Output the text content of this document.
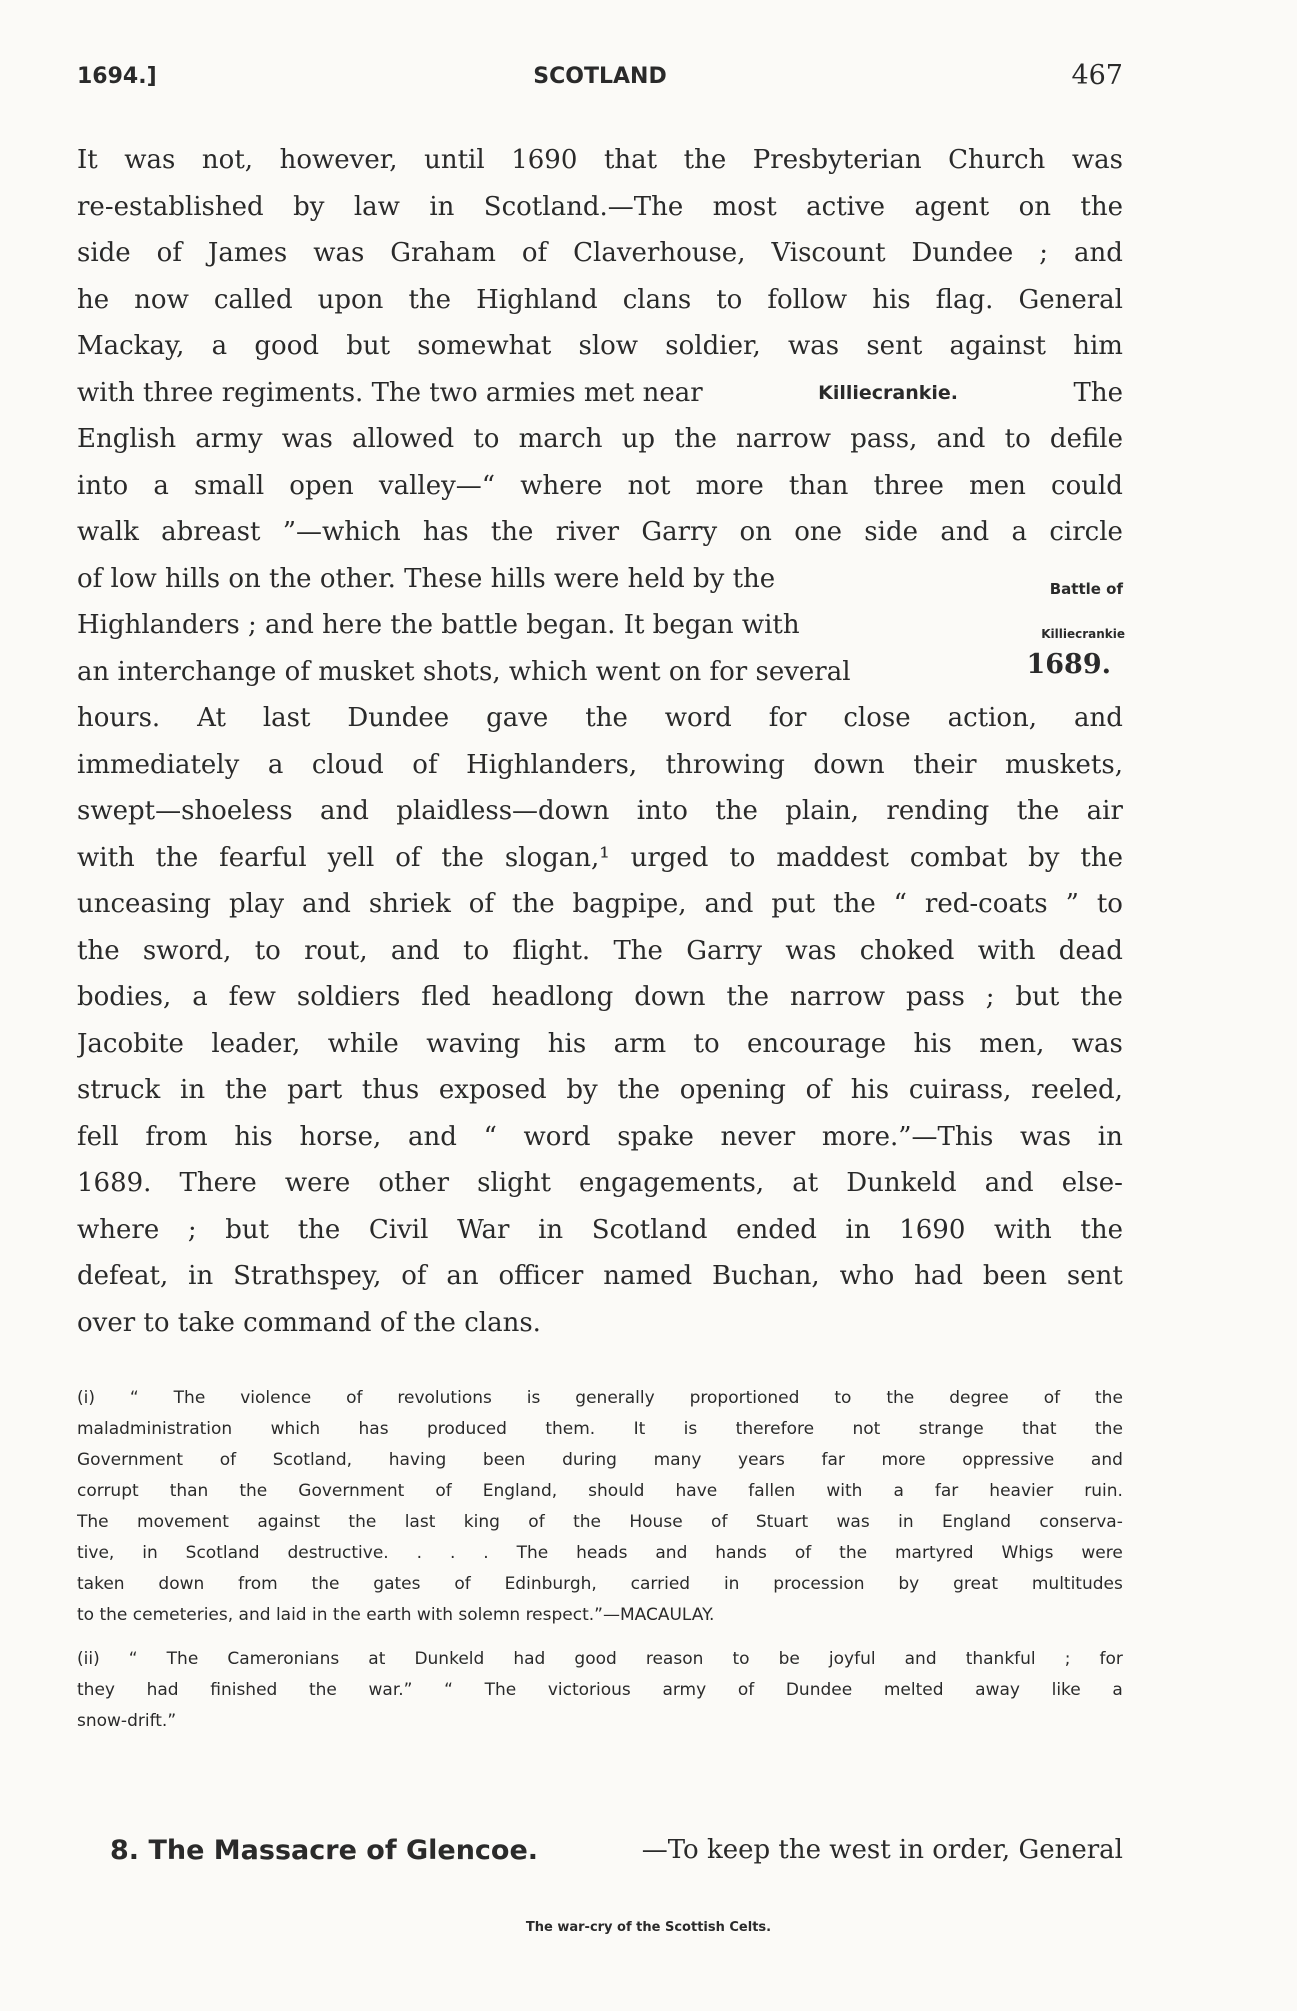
1694.]	SCOTLAND	467
It was not, however, until 1690 that the Presbyterian Church was
re-established by law in Scotland.—The most active agent on the
side of James was Graham of Claverhouse, Viscount Dundee ; and
he now called upon the Highland clans to follow his flag. General
Mackay, a good but somewhat slow soldier, was sent against him
with three regiments. The two armies met near	Killiecrankie.	The
English army was allowed to march up the narrow pass, and to defile
into a small open valley—“ where not more than three men could
walk abreast ”—which has the river Garry on one side and a circle
of low hills on the other. These hills were held by the
Highlanders ; and here the battle began. It began with
an interchange of musket shots, which went on for several
hours. At last Dundee gave the word for close action, and
immediately a cloud of Highlanders, throwing down their muskets,
swept—shoeless and plaidless—down into the plain, rending the air
with the fearful yell of the slogan,¹ urged to maddest combat by the
unceasing play and shriek of the bagpipe, and put the “ red-coats ” to
the sword, to rout, and to flight. The Garry was choked with dead
bodies, a few soldiers fled headlong down the narrow pass ; but the
Jacobite leader, while waving his arm to encourage his men, was
struck in the part thus exposed by the opening of his cuirass, reeled,
fell from his horse, and “ word spake never more.”—This was in
1689. There were other slight engagements, at Dunkeld and else-
where ; but the Civil War in Scotland ended in 1690 with the
defeat, in Strathspey, of an officer named Buchan, who had been sent
over to take command of the clans.
Battle of
Killiecrankie
1689.
(i) “ The violence of revolutions is generally proportioned to the degree of the
maladministration which has produced them. It is therefore not strange that the
Government of Scotland, having been during many years far more oppressive and
corrupt than the Government of England, should have fallen with a far heavier ruin.
The movement against the last king of the House of Stuart was in England conserva-
tive, in Scotland destructive. . . . The heads and hands of the martyred Whigs were
taken down from the gates of Edinburgh, carried in procession by great multitudes
to the cemeteries, and laid in the earth with solemn respect.”—MACAULAY.
(ii) “ The Cameronians at Dunkeld had good reason to be joyful and thankful ; for
they had finished the war.” “ The victorious army of Dundee melted away like a
snow-drift.”
8. The Massacre of Glencoe.	—To keep the west in order, General
The war-cry of the Scottish Celts.
